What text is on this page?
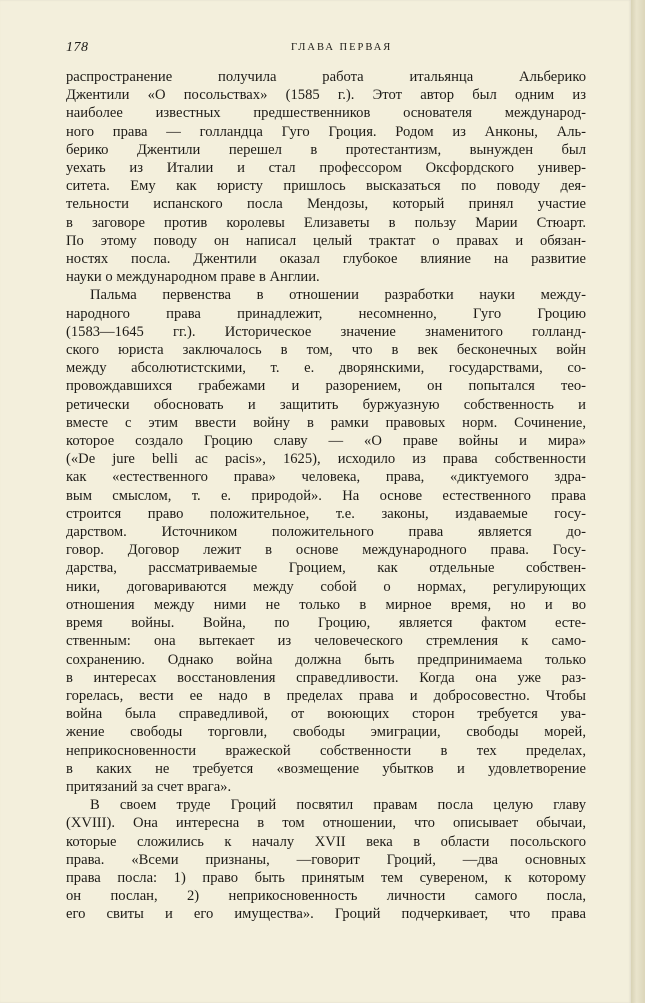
178	ГЛАВА ПЕРВАЯ

распространение получила работа итальянца Альберико
Джентили «О посольствах» (1585 г.). Этот автор был одним из
наиболее известных предшественников основателя международ-
ного права — голландца Гуго Гроция. Родом из Анконы, Аль-
берико Джентили перешел в протестантизм, вынужден был
уехать из Италии и стал профессором Оксфордского универ-
ситета. Ему как юристу пришлось высказаться по поводу дея-
тельности испанского посла Мендозы, который принял участие
в заговоре против королевы Елизаветы в пользу Марии Стюарт.
По этому поводу он написал целый трактат о правах и обязан-
ностях посла. Джентили оказал глубокое влияние на развитие
науки о международном праве в Англии.

Пальма первенства в отношении разработки науки между-
народного права принадлежит, несомненно, Гуго Гроцию
(1583—1645 гг.). Историческое значение знаменитого голланд-
ского юриста заключалось в том, что в век бесконечных войн
между абсолютистскими, т. е. дворянскими, государствами, со-
провождавшихся грабежами и разорением, он попытался тео-
ретически обосновать и защитить буржуазную собственность и
вместе с этим ввести войну в рамки правовых норм. Сочинение,
которое создало Гроцию славу — «О праве войны и мира»
(«De jure belli ac pacis», 1625), исходило из права собственности
как «естественного права» человека, права, «диктуемого здра-
вым смыслом, т. е. природой». На основе естественного права
строится право положительное, т.е. законы, издаваемые госу-
дарством. Источником положительного права является до-
говор. Договор лежит в основе международного права. Госу-
дарства, рассматриваемые Гроцием, как отдельные собствен-
ники, договариваются между собой о нормах, регулирующих
отношения между ними не только в мирное время, но и во
время войны. Война, по Гроцию, является фактом есте-
ственным: она вытекает из человеческого стремления к само-
сохранению. Однако война должна быть предпринимаема только
в интересах восстановления справедливости. Когда она уже раз-
горелась, вести ее надо в пределах права и добросовестно. Чтобы
война была справедливой, от воюющих сторон требуется ува-
жение свободы торговли, свободы эмиграции, свободы морей,
неприкосновенности вражеской собственности в тех пределах,
в каких не требуется «возмещение убытков и удовлетворение
притязаний за счет врага».

В своем труде Гроций посвятил правам посла целую главу
(XVIII). Она интересна в том отношении, что описывает обычаи,
которые сложились к началу XVII века в области посольского
права. «Всеми признаны, —говорит Гроций, —два основных
права посла: 1) право быть принятым тем сувереном, к которому
он послан, 2) неприкосновенность личности самого посла,
его свиты и его имущества». Гроций подчеркивает, что права
